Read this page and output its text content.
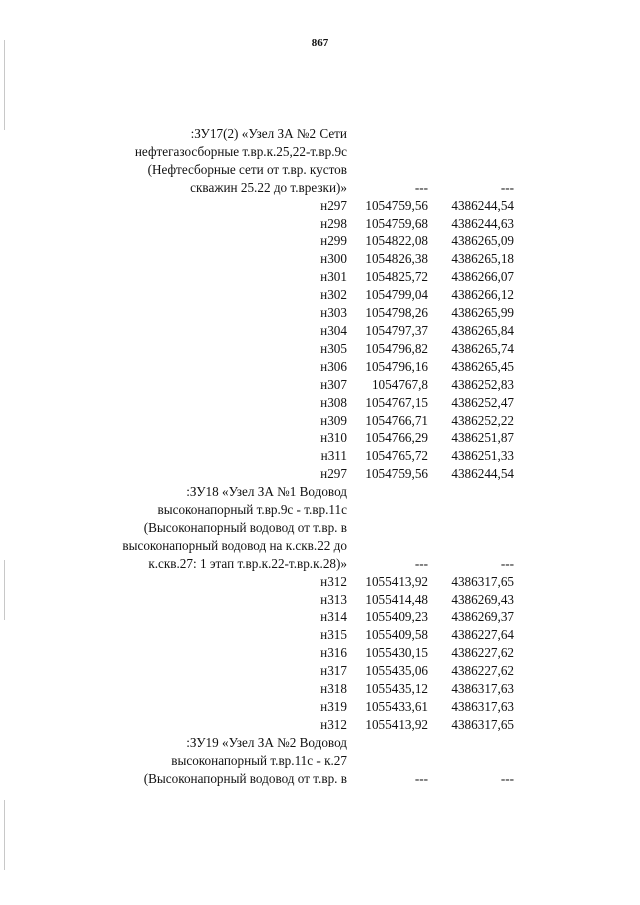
867
:ЗУ17(2) «Узел ЗА №2 Сети
нефтегазосборные т.вр.к.25,22-т.вр.9с
(Нефтесборные сети от т.вр. кустов
скважин 25.22 до т.врезки)»	---	---
н297	1054759,56	4386244,54
н298	1054759,68	4386244,63
н299	1054822,08	4386265,09
н300	1054826,38	4386265,18
н301	1054825,72	4386266,07
н302	1054799,04	4386266,12
н303	1054798,26	4386265,99
н304	1054797,37	4386265,84
н305	1054796,82	4386265,74
н306	1054796,16	4386265,45
н307	1054767,8	4386252,83
н308	1054767,15	4386252,47
н309	1054766,71	4386252,22
н310	1054766,29	4386251,87
н311	1054765,72	4386251,33
н297	1054759,56	4386244,54
:ЗУ18 «Узел ЗА №1 Водовод
высоконапорный т.вр.9с - т.вр.11с
(Высоконапорный водовод от т.вр. в
высоконапорный водовод на к.скв.22 до
к.скв.27: 1 этап т.вр.к.22-т.вр.к.28)»	---	---
н312	1055413,92	4386317,65
н313	1055414,48	4386269,43
н314	1055409,23	4386269,37
н315	1055409,58	4386227,64
н316	1055430,15	4386227,62
н317	1055435,06	4386227,62
н318	1055435,12	4386317,63
н319	1055433,61	4386317,63
н312	1055413,92	4386317,65
:ЗУ19 «Узел ЗА №2 Водовод
высоконапорный т.вр.11с - к.27
(Высоконапорный водовод от т.вр. в	---	---
